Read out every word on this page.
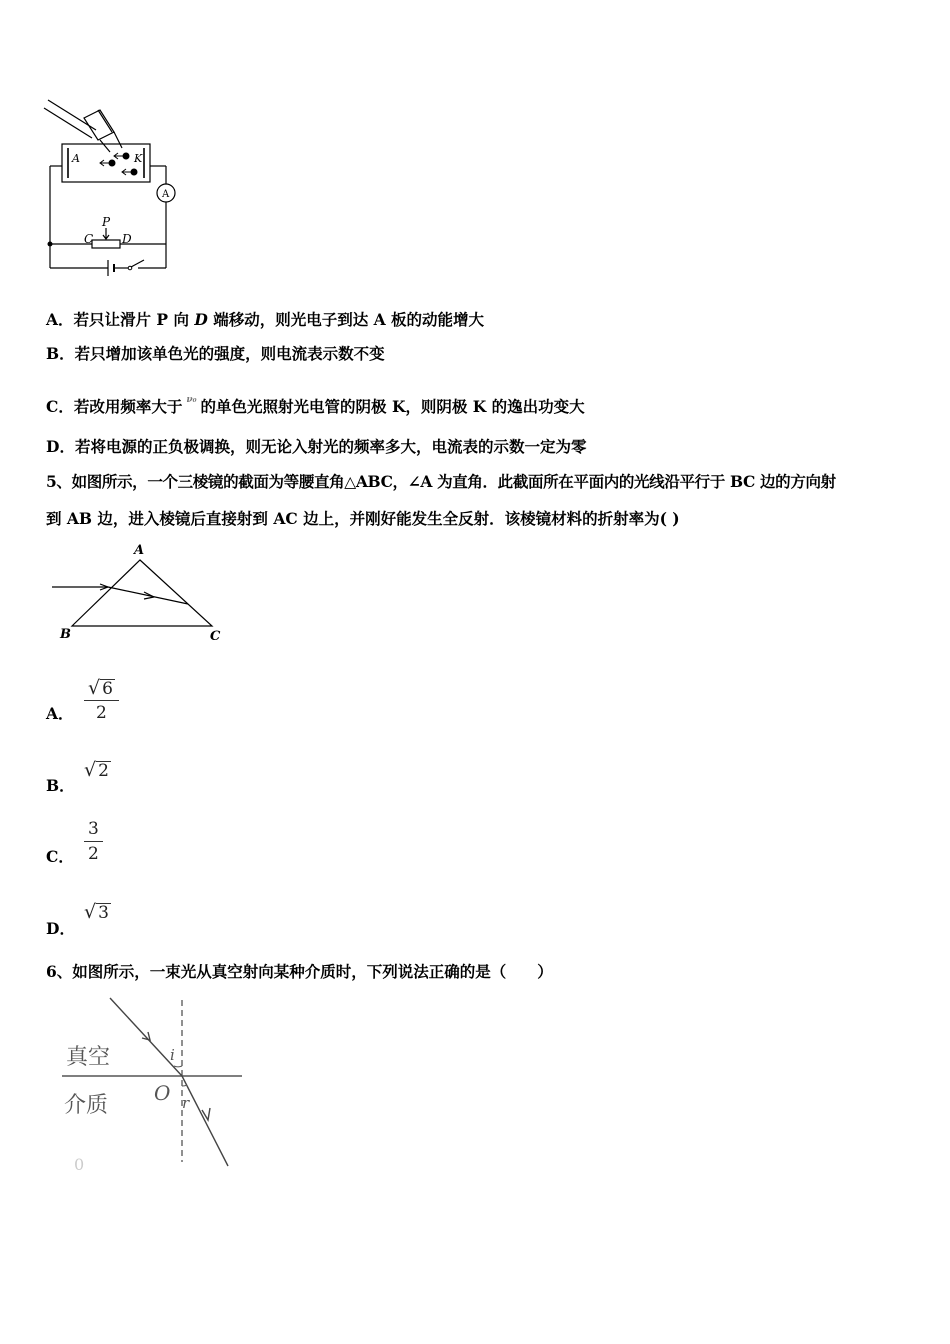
A	K
A
P
C D
A．若只让滑片 P 向 D 端移动，则光电子到达 A 板的动能增大
B．若只增加该单色光的强度，则电流表示数不变
C．若改用频率大于 ν₀ 的单色光照射光电管的阴极 K，则阴极 K 的逸出功变大
D．若将电源的正负极调换，则无论入射光的频率多大，电流表的示数一定为零
5、如图所示，一个三棱镜的截面为等腰直角△ABC，∠A 为直角．此截面所在平面内的光线沿平行于 BC 边的方向射
到 AB 边，进入棱镜后直接射到 AC 边上，并刚好能发生全反射．该棱镜材料的折射率为( )
A
B	C
A． $\frac{√ 6}{2}$
B．
√ 2
C． $\frac{3}{2}$
D．
√ 3
6、如图所示，一束光从真空射向某种介质时，下列说法正确的是（　　）
真空
介质 O
i
r
0
